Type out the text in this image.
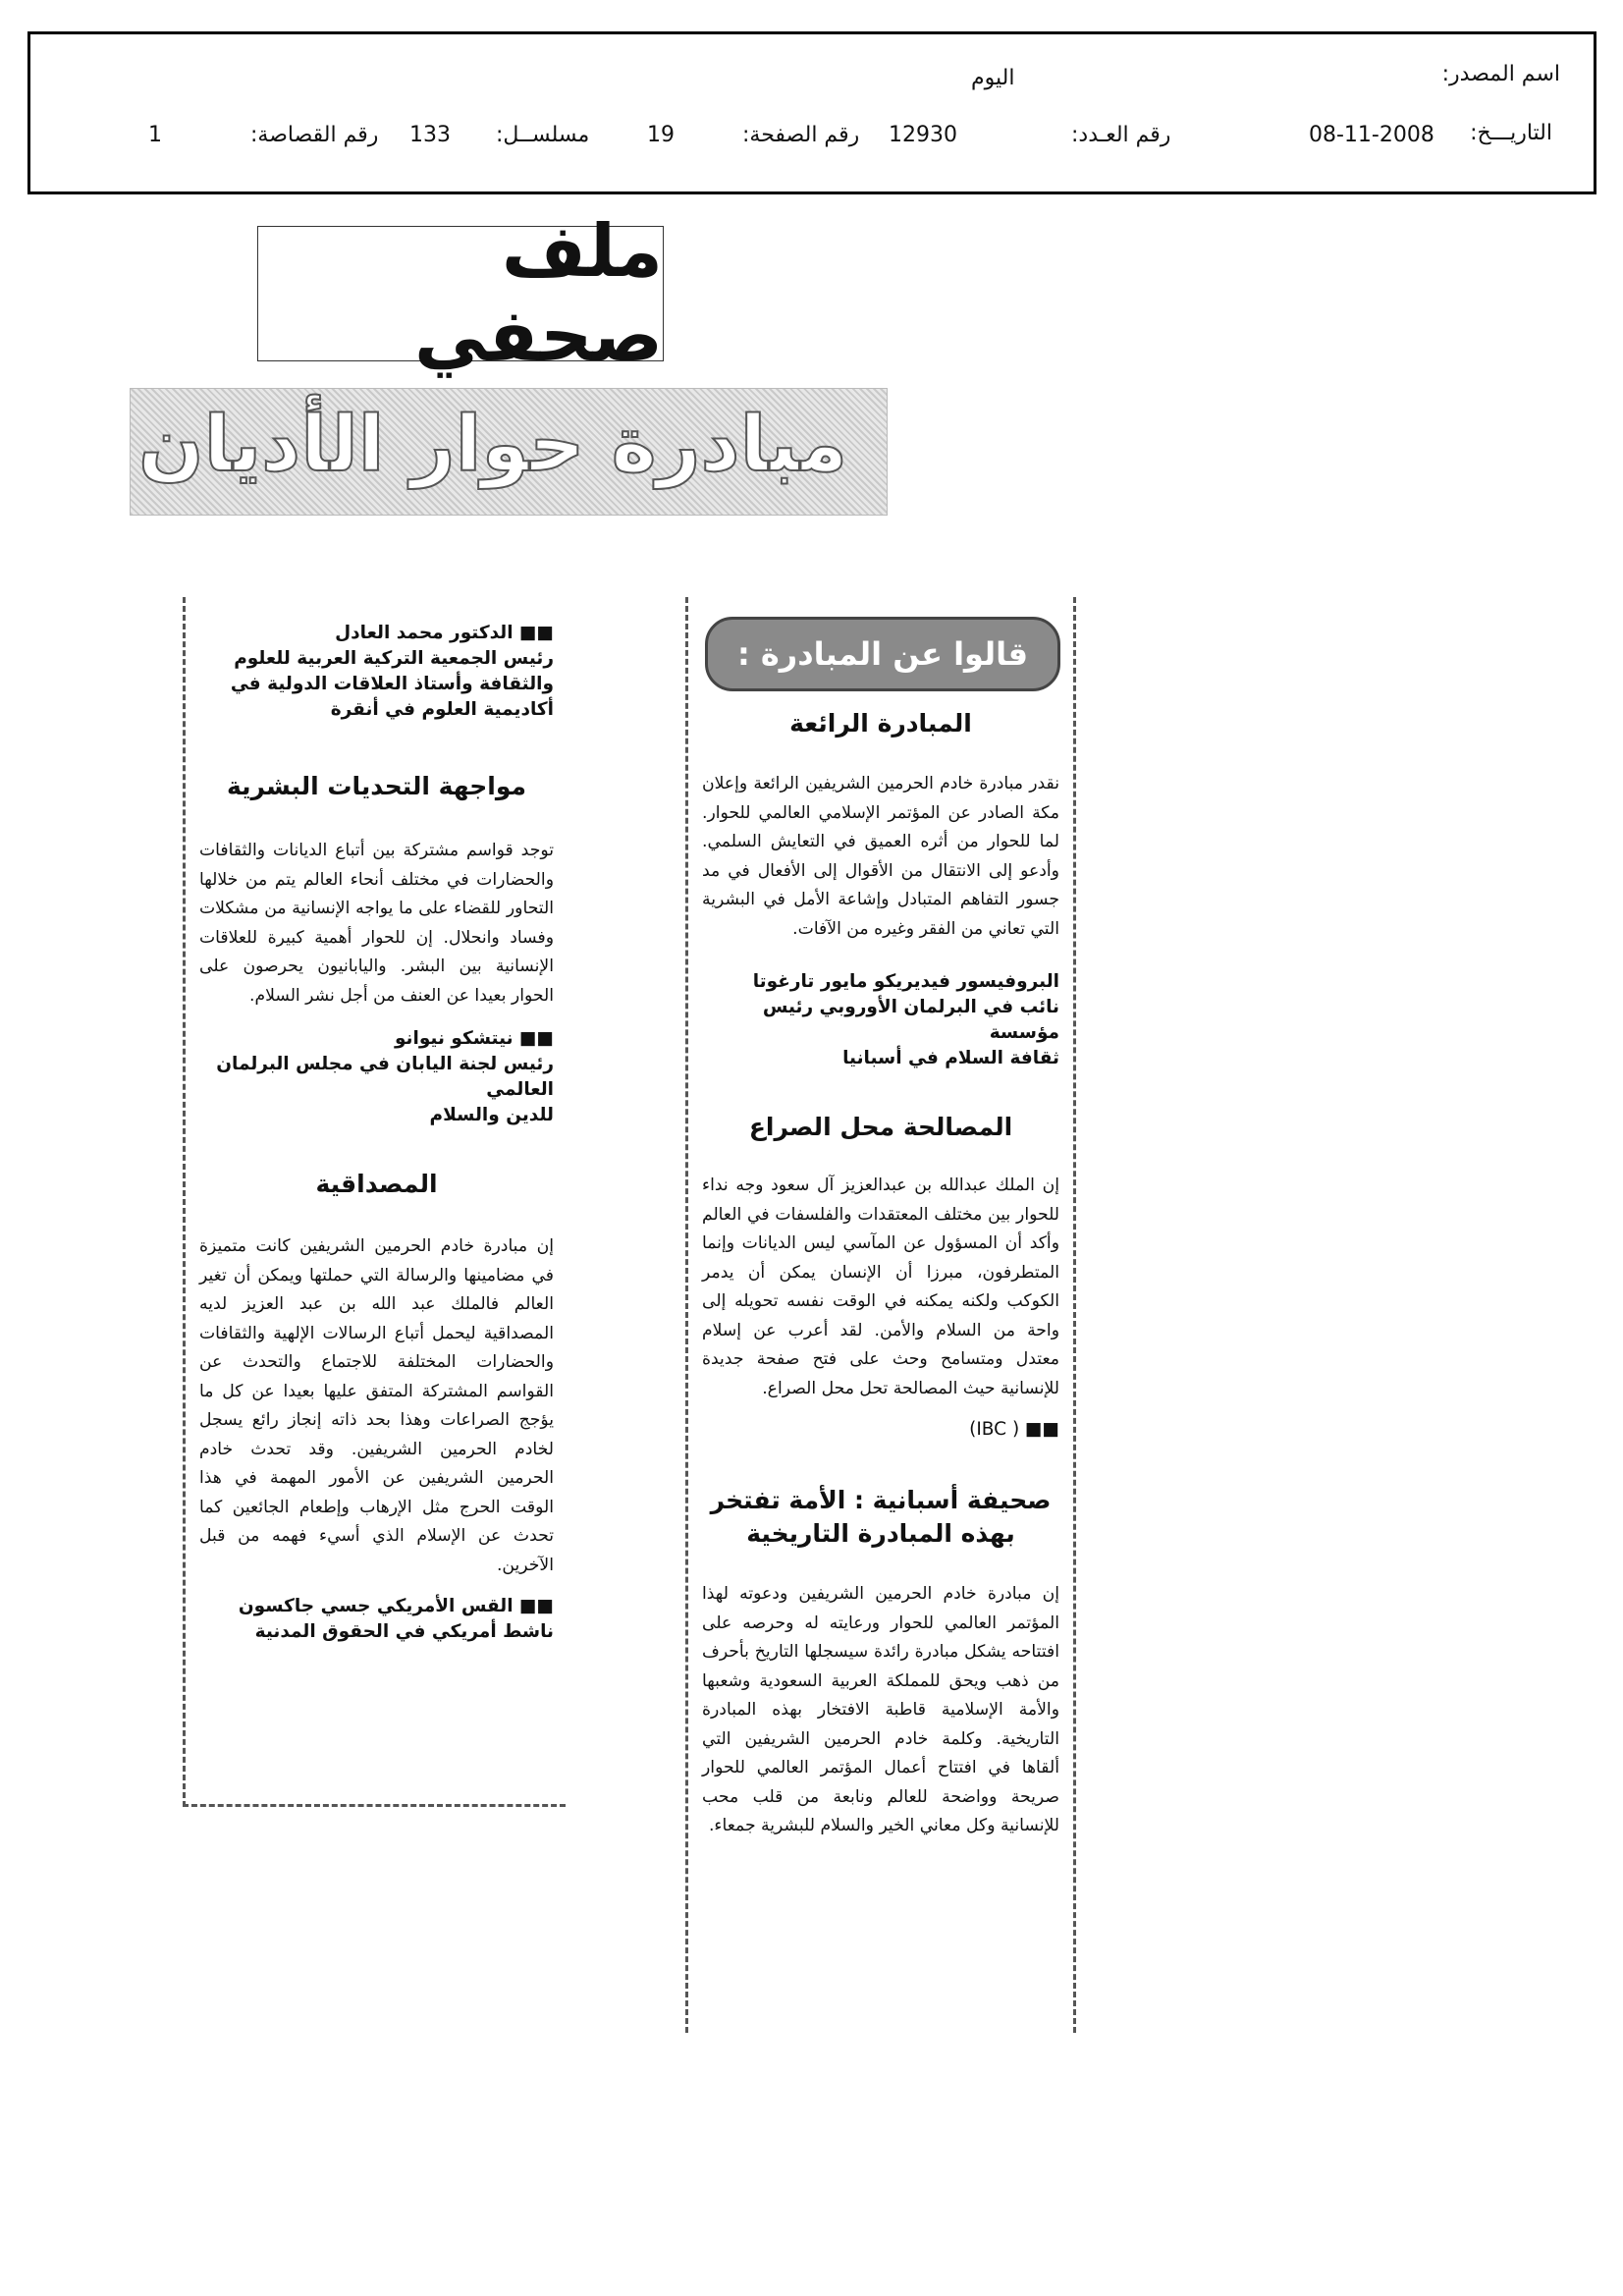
اسم المصدر:
اليوم
التاريـــخ:
08-11-2008
رقم العـدد:
12930
رقم الصفحة:
19
مسلســل:
133
رقم القصاصة:
1
ملف صحفي
مبادرة حوار الأديان
■■ الدكتور محمد العادل
رئيس الجمعية التركية العربية للعلوم
والثقافة وأستاذ العلاقات الدولية في
أكاديمية العلوم في أنقرة

مواجهة التحديات البشرية

توجد قواسم مشتركة بين أتباع الديانات والثقافات والحضارات في مختلف أنحاء العالم يتم من خلالها التحاور للقضاء على ما يواجه الإنسانية من مشكلات وفساد وانحلال. إن للحوار أهمية كبيرة للعلاقات الإنسانية بين البشر. واليابانيون يحرصون على الحوار بعيدا عن العنف من أجل نشر السلام.

■■ نيتشكو نيوانو
رئيس لجنة اليابان في مجلس البرلمان العالمي
للدين والسلام

المصداقية

إن مبادرة خادم الحرمين الشريفين كانت متميزة في مضامينها والرسالة التي حملتها ويمكن أن تغير العالم فالملك عبد الله بن عبد العزيز لديه المصداقية ليحمل أتباع الرسالات الإلهية والثقافات والحضارات المختلفة للاجتماع والتحدث عن القواسم المشتركة المتفق عليها بعيدا عن كل ما يؤجج الصراعات وهذا بحد ذاته إنجاز رائع يسجل لخادم الحرمين الشريفين. وقد تحدث خادم الحرمين الشريفين عن الأمور المهمة في هذا الوقت الحرج مثل الإرهاب وإطعام الجائعين كما تحدث عن الإسلام الذي أسيء فهمه من قبل الآخرين.

■■ القس الأمريكي جسي جاكسون
ناشط أمريكي في الحقوق المدنية

المبادرة الرائعة

نقدر مبادرة خادم الحرمين الشريفين الرائعة وإعلان مكة الصادر عن المؤتمر الإسلامي العالمي للحوار. لما للحوار من أثره العميق في التعايش السلمي. وأدعو إلى الانتقال من الأقوال إلى الأفعال في مد جسور التفاهم المتبادل وإشاعة الأمل في البشرية التي تعاني من الفقر وغيره من الآفات.

البروفيسور فيديريكو مايور تارغوتا
نائب في البرلمان الأوروبي رئيس مؤسسة
ثقافة السلام في أسبانيا

المصالحة محل الصراع

إن الملك عبدالله بن عبدالعزيز آل سعود وجه نداء للحوار بين مختلف المعتقدات والفلسفات في العالم وأكد أن المسؤول عن المآسي ليس الديانات وإنما المتطرفون، مبرزا أن الإنسان يمكن أن يدمر الكوكب ولكنه يمكنه في الوقت نفسه تحويله إلى واحة من السلام والأمن. لقد أعرب عن إسلام معتدل ومتسامح وحث على فتح صفحة جديدة للإنسانية حيث المصالحة تحل محل الصراع.

■■ ( IBC)
صحيفة أسبانية : الأمة تفتخر
بهذه المبادرة التاريخية

إن مبادرة خادم الحرمين الشريفين ودعوته لهذا المؤتمر العالمي للحوار ورعايته له وحرصه على افتتاحه يشكل مبادرة رائدة سيسجلها التاريخ بأحرف من ذهب ويحق للمملكة العربية السعودية وشعبها والأمة الإسلامية قاطبة الافتخار بهذه المبادرة التاريخية. وكلمة خادم الحرمين الشريفين التي ألقاها في افتتاح أعمال المؤتمر العالمي للحوار صريحة وواضحة للعالم ونابعة من قلب محب للإنسانية وكل معاني الخير والسلام للبشرية جمعاء.

قالوا عن المبادرة :
